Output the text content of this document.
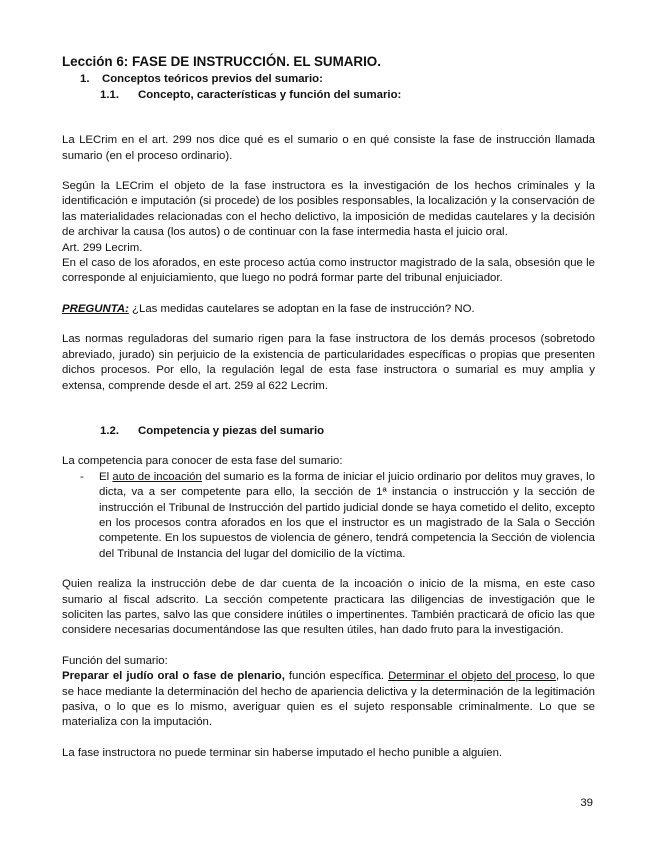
Lección 6: FASE DE INSTRUCCIÓN. EL SUMARIO.
1. Conceptos teóricos previos del sumario:
1.1. Concepto, características y función del sumario:

La LECrim en el art. 299 nos dice qué es el sumario o en qué consiste la fase de instrucción llamada sumario (en el proceso ordinario).

Según la LECrim el objeto de la fase instructora es la investigación de los hechos criminales y la identificación e imputación (si procede) de los posibles responsables, la localización y la conservación de las materialidades relacionadas con el hecho delictivo, la imposición de medidas cautelares y la decisión de archivar la causa (los autos) o de continuar con la fase intermedia hasta el juicio oral.

Art. 299 Lecrim.

En el caso de los aforados, en este proceso actúa como instructor magistrado de la sala, obsesión que le corresponde al enjuiciamiento, que luego no podrá formar parte del tribunal enjuiciador.

PREGUNTA: ¿Las medidas cautelares se adoptan en la fase de instrucción? NO.

Las normas reguladoras del sumario rigen para la fase instructora de los demás procesos (sobretodo abreviado, jurado) sin perjuicio de la existencia de particularidades específicas o propias que presenten dichos procesos. Por ello, la regulación legal de esta fase instructora o sumarial es muy amplia y extensa, comprende desde el art. 259 al 622 Lecrim.

1.2. Competencia y piezas del sumario

La competencia para conocer de esta fase del sumario:

-	El auto de incoación del sumario es la forma de iniciar el juicio ordinario por delitos muy graves, lo dicta, va a ser competente para ello, la sección de 1ª instancia o instrucción y la sección de instrucción el Tribunal de Instrucción del partido judicial donde se haya cometido el delito, excepto en los procesos contra aforados en los que el instructor es un magistrado de la Sala o Sección competente. En los supuestos de violencia de género, tendrá competencia la Sección de violencia del Tribunal de Instancia del lugar del domicilio de la víctima.

Quien realiza la instrucción debe de dar cuenta de la incoación o inicio de la misma, en este caso sumario al fiscal adscrito. La sección competente practicara las diligencias de investigación que le soliciten las partes, salvo las que considere inútiles o impertinentes. También practicará de oficio las que considere necesarias documentándose las que resulten útiles, han dado fruto para la investigación.

Función del sumario:

Preparar el judío oral o fase de plenario, función específica. Determinar el objeto del proceso, lo que se hace mediante la determinación del hecho de apariencia delictiva y la determinación de la legitimación pasiva, o lo que es lo mismo, averiguar quien es el sujeto responsable criminalmente. Lo que se materializa con la imputación.

La fase instructora no puede terminar sin haberse imputado el hecho punible a alguien.

39
